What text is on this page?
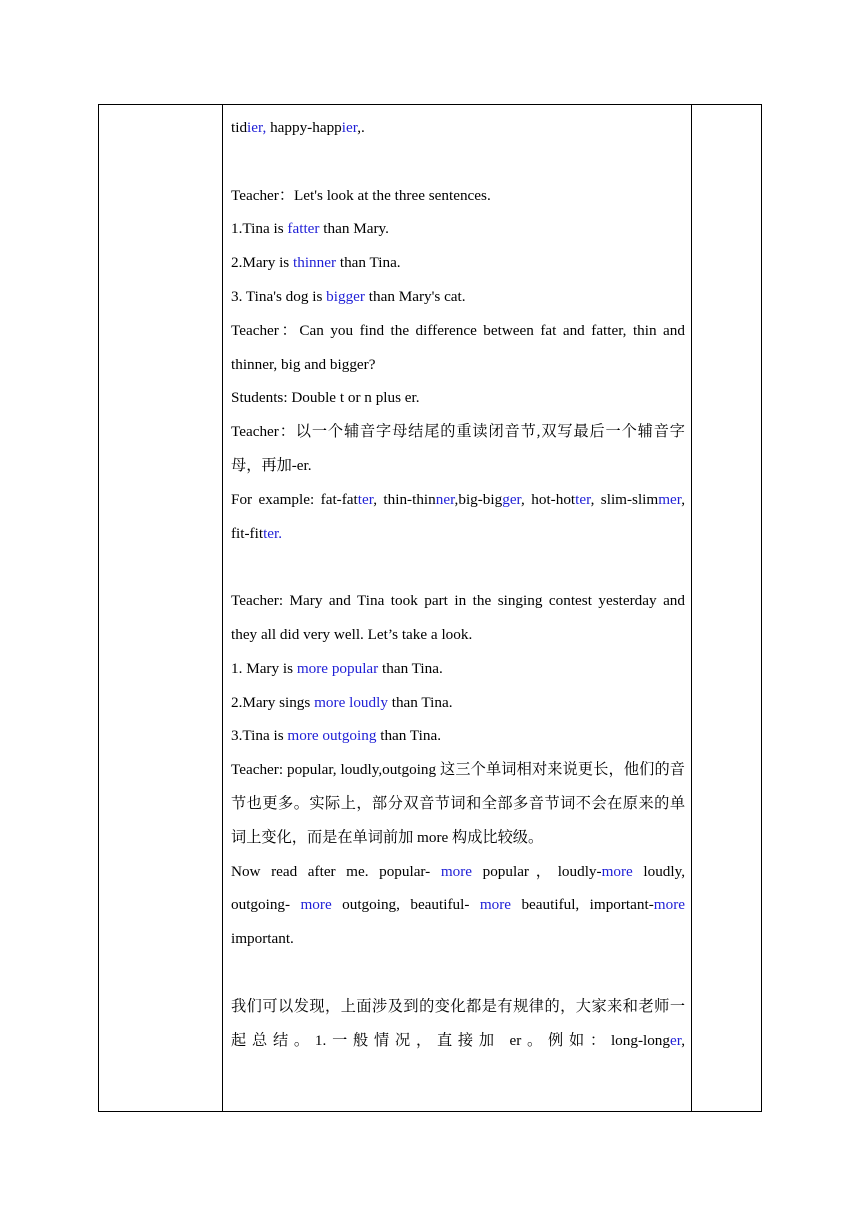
tidier, happy-happier,.

Teacher：Let's look at the three sentences.

1.Tina is fatter than Mary.

2.Mary is thinner than Tina.

3. Tina's dog is bigger than Mary's cat.

Teacher：Can you find the difference between fat and fatter, thin and thinner, big and bigger?

Students: Double t or n plus er.

Teacher：以一个辅音字母结尾的重读闭音节,双写最后一个辅音字母，再加-er.

For example: fat-fatter, thin-thinner,big-bigger, hot-hotter, slim-slimmer, fit-fitter.

Teacher: Mary and Tina took part in the singing contest yesterday and they all did very well. Let’s take a look.

1. Mary is more popular than Tina.

2.Mary sings more loudly than Tina.

3.Tina is more outgoing than Tina.

Teacher: popular, loudly,outgoing 这三个单词相对来说更长，他们的音节也更多。实际上，部分双音节词和全部多音节词不会在原来的单词上变化，而是在单词前加 more 构成比较级。

Now read after me. popular- more popular，loudly-more loudly, outgoing- more outgoing, beautiful- more beautiful, important-more important.

我们可以发现，上面涉及到的变化都是有规律的，大家来和老师一起总结。1.一般情况，直接加 er。例如：long-longer,
